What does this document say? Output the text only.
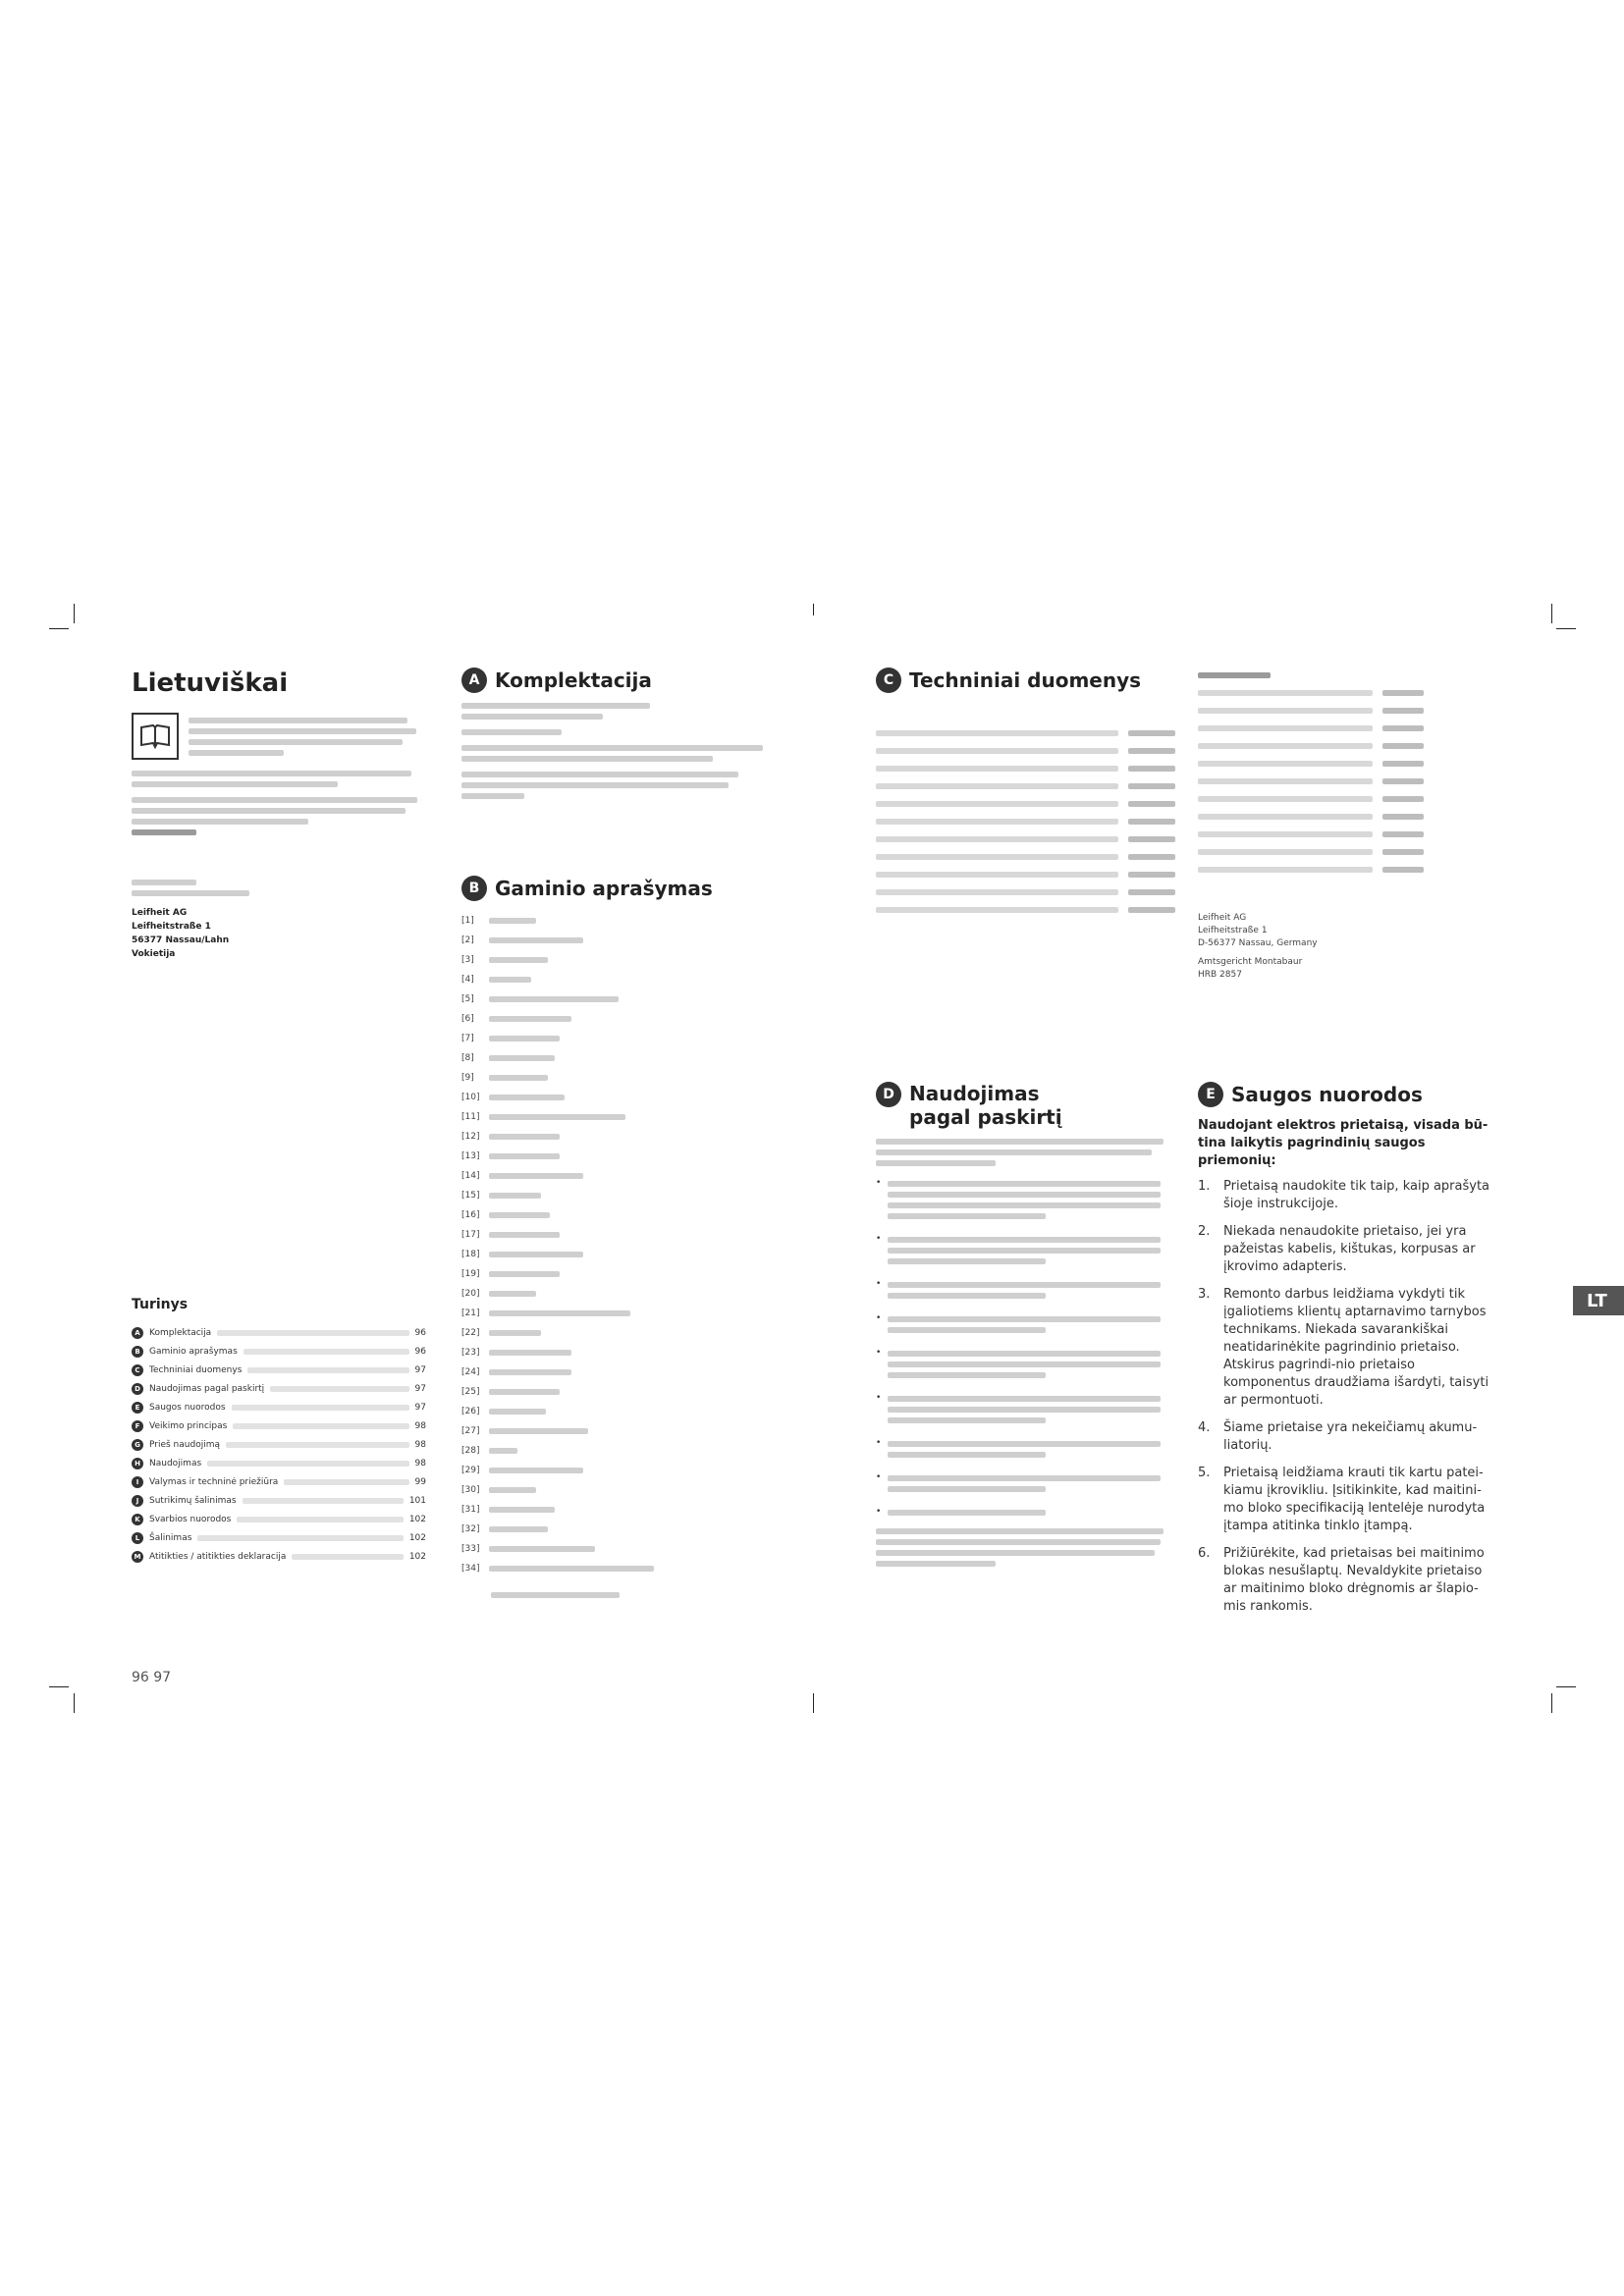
Lietuviškai
Leifheit AG
Leifheitstraße 1
56377 Nassau/Lahn
Vokietija
Turinys
A	Komplektacija	96
B	Gaminio aprašymas	96
C	Techniniai duomenys	97
D	Naudojimas pagal paskirtį	97
E	Saugos nuorodos	97
F	Veikimo principas	98
G	Prieš naudojimą	98
H	Naudojimas	98
I	Valymas ir techninė priežiūra	99
J	Sutrikimų šalinimas	101
K	Svarbios nuorodos	102
L	Šalinimas	102
M Atitikties / atitikties deklaracija	102
96 97
A Komplektacija
B Gaminio aprašymas
[1]
[2]
[3]
[4]
[5]
[6]
[7]
[8]
[9]
[10]
[11]
[12]
[13]
[14]
[15]
[16]
[17]
[18]
[19]
[20]
[21]
[22]
[23]
[24]
[25]
[26]
[27]
[28]
[29]
[30]
[31]
[32]
[33]
[34]
C Techniniai duomenys
Leifheit AG
Leifheitstraße 1
D-56377 Nassau, Germany
Amtsgericht Montabaur
HRB 2857
D Naudojimas
pagal paskirtį
•
•
•
•
•
•
•
•
•
E Saugos nuorodos
Naudojant elektros prietaisą, visada bū-tina laikytis pagrindinių saugos priemonių:
1.	Prietaisą naudokite tik taip, kaip aprašyta šioje instrukcijoje.
2.	Niekada nenaudokite prietaiso, jei yra pažeistas kabelis, kištukas, korpusas ar įkrovimo adapteris.
3.	Remonto darbus leidžiama vykdyti tik įgaliotiems klientų aptarnavimo tarnybos technikams. Niekada savarankiškai neatidarinėkite pagrindinio prietaiso. Atskirus pagrindi-nio prietaiso komponentus draudžiama išardyti, taisyti ar permontuoti.
4.	Šiame prietaise yra nekeičiamų akumu-liatorių.
5.	Prietaisą leidžiama krauti tik kartu patei-kiamu įkrovikliu. Įsitikinkite, kad maitini-mo bloko specifikaciją lentelėje nurodyta įtampa atitinka tinklo įtampą.
6.	Prižiūrėkite, kad prietaisas bei maitinimo blokas nesušlaptų. Nevaldykite prietaiso ar maitinimo bloko drėgnomis ar šlapio-mis rankomis.
LT
